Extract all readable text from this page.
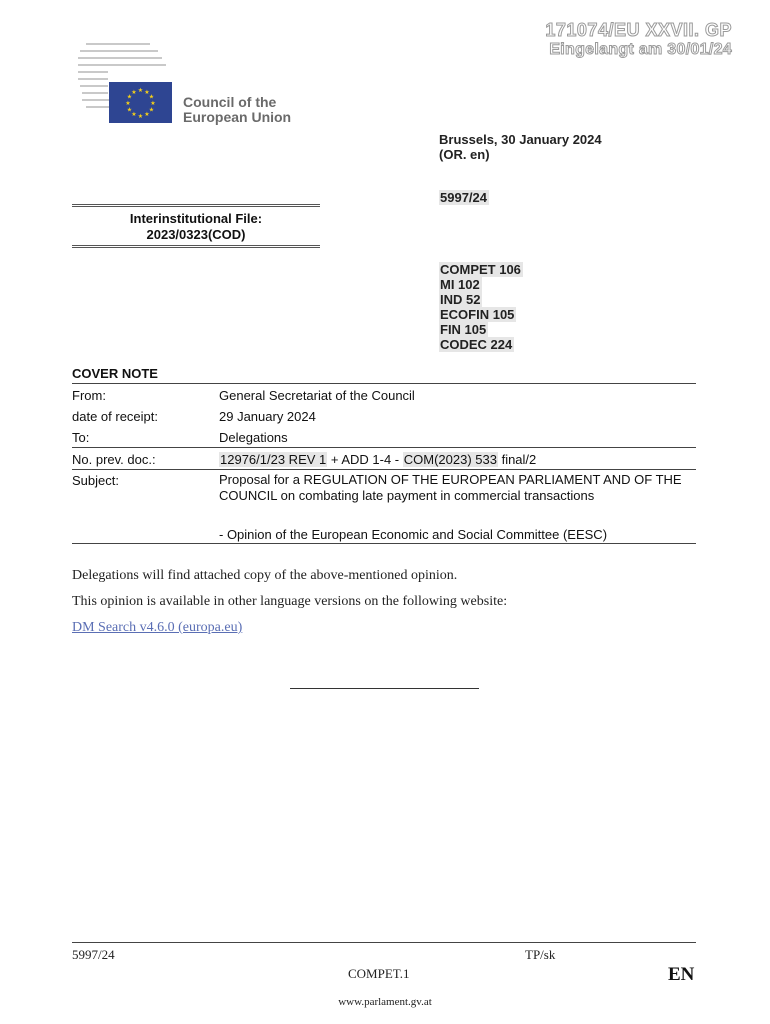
171074/EU XXVII. GP
Eingelangt am 30/01/24
★ ★
★
★
★
★
★
★
★
★
★
★
Council of the
European Union
Brussels, 30 January 2024
(OR. en)
5997/24
Interinstitutional File:
2023/0323(COD)
COMPET 106
MI 102
IND 52
ECOFIN 105
FIN 105
CODEC 224
COVER NOTE
From:	General Secretariat of the Council
date of receipt:	29 January 2024
To:	Delegations
No. prev. doc.:	12976/1/23 REV 1 + ADD 1-4 - COM(2023) 533 final/2
Subject:	Proposal for a REGULATION OF THE EUROPEAN PARLIAMENT AND OF THE COUNCIL on combating late payment in commercial transactions
- Opinion of the European Economic and Social Committee (EESC)
Delegations will find attached copy of the above-mentioned opinion.
This opinion is available in other language versions on the following website:
DM Search v4.6.0 (europa.eu)
5997/24	TP/sk
COMPET.1	EN
www.parlament.gv.at
